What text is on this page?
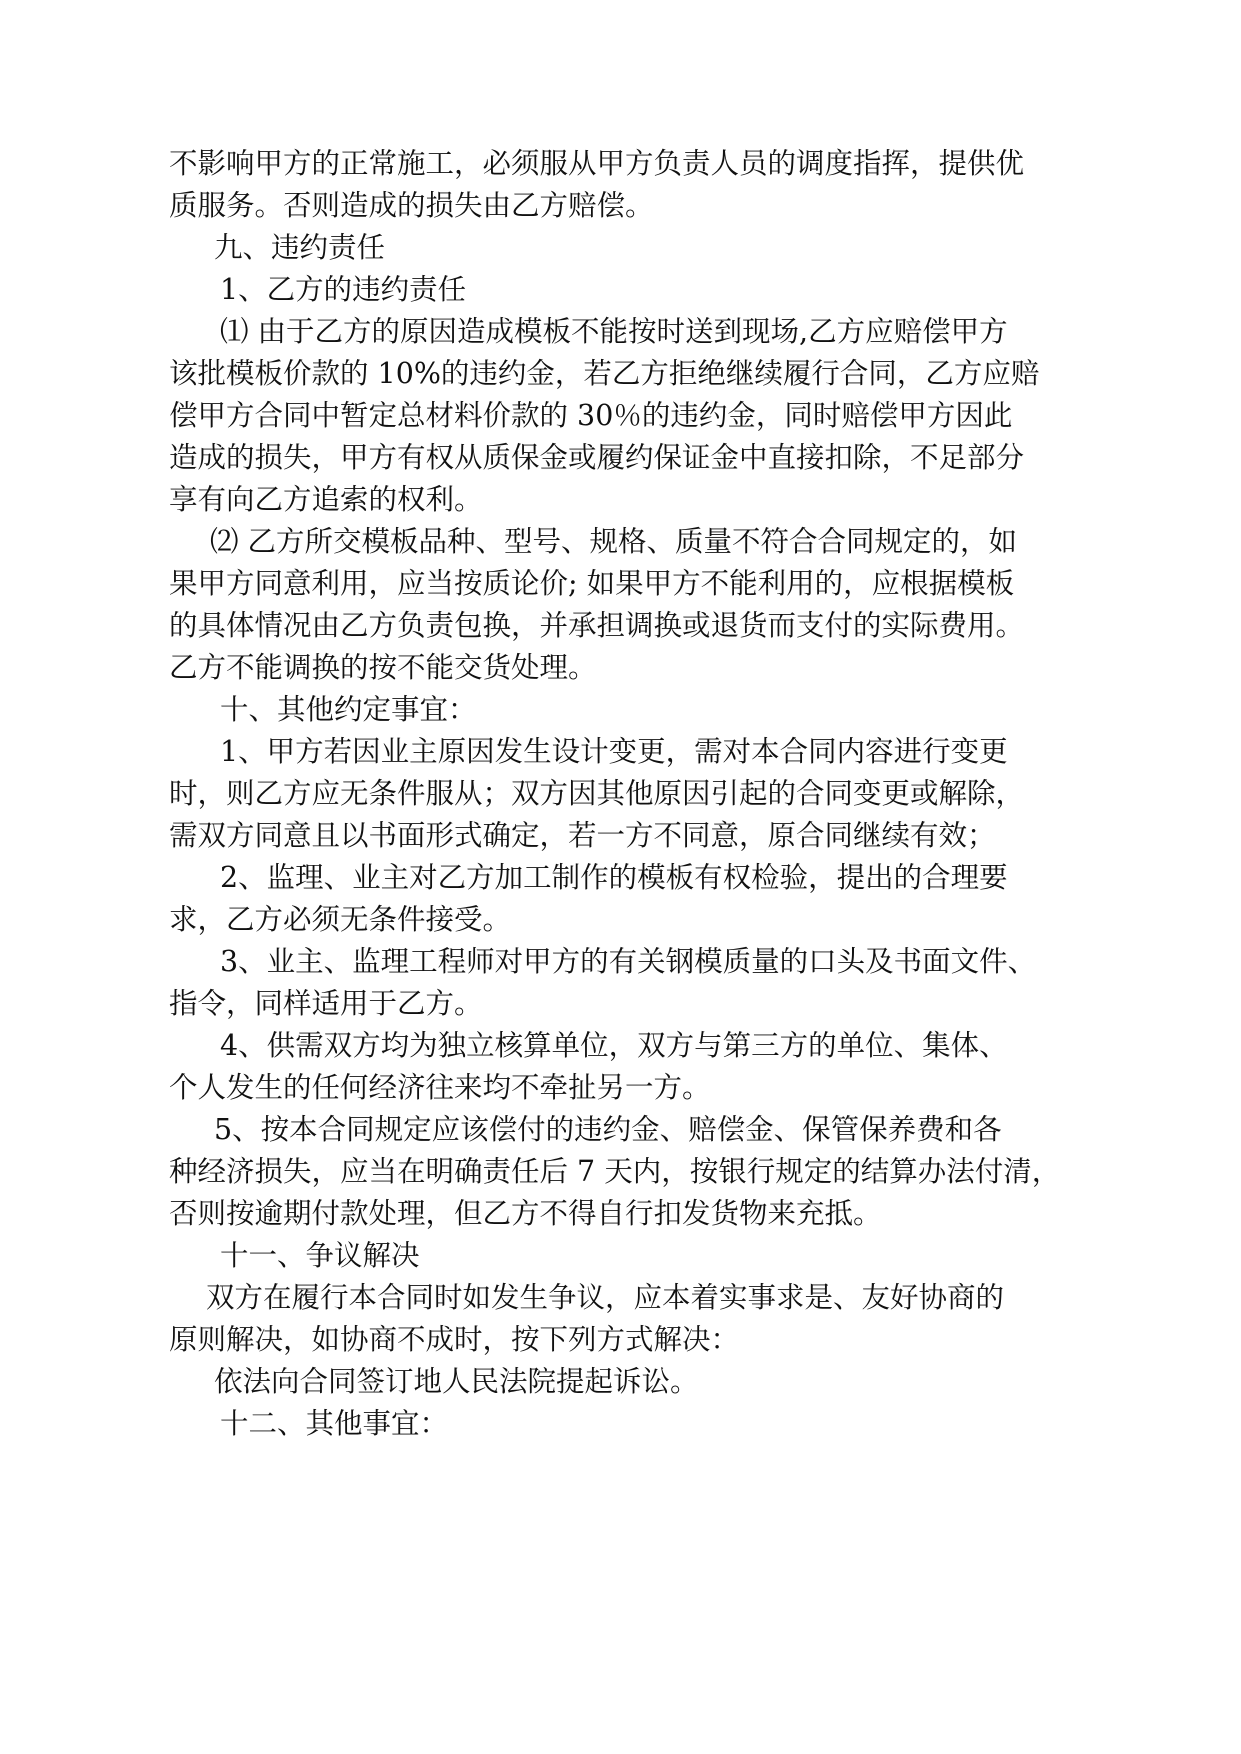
不影响甲方的正常施工，必须服从甲方负责人员的调度指挥，提供优

质服务。否则造成的损失由乙方赔偿。

九、违约责任

1、乙方的违约责任

⑴ 由于乙方的原因造成模板不能按时送到现场,乙方应赔偿甲方

该批模板价款的 10%的违约金，若乙方拒绝继续履行合同，乙方应赔

偿甲方合同中暂定总材料价款的 30％的违约金，同时赔偿甲方因此

造成的损失，甲方有权从质保金或履约保证金中直接扣除，不足部分

享有向乙方追索的权利。

⑵ 乙方所交模板品种、型号、规格、质量不符合合同规定的，如

果甲方同意利用，应当按质论价; 如果甲方不能利用的，应根据模板

的具体情况由乙方负责包换，并承担调换或退货而支付的实际费用。

乙方不能调换的按不能交货处理。

十、其他约定事宜：

1、甲方若因业主原因发生设计变更，需对本合同内容进行变更

时，则乙方应无条件服从；双方因其他原因引起的合同变更或解除，

需双方同意且以书面形式确定，若一方不同意，原合同继续有效；

2、监理、业主对乙方加工制作的模板有权检验，提出的合理要

求，乙方必须无条件接受。

3、业主、监理工程师对甲方的有关钢模质量的口头及书面文件、

指令，同样适用于乙方。

4、供需双方均为独立核算单位，双方与第三方的单位、集体、

个人发生的任何经济往来均不牵扯另一方。

5、按本合同规定应该偿付的违约金、赔偿金、保管保养费和各

种经济损失，应当在明确责任后 7 天内，按银行规定的结算办法付清，

否则按逾期付款处理，但乙方不得自行扣发货物来充抵。

十一、争议解决

双方在履行本合同时如发生争议，应本着实事求是、友好协商的

原则解决，如协商不成时，按下列方式解决：

依法向合同签订地人民法院提起诉讼。

十二、其他事宜：
